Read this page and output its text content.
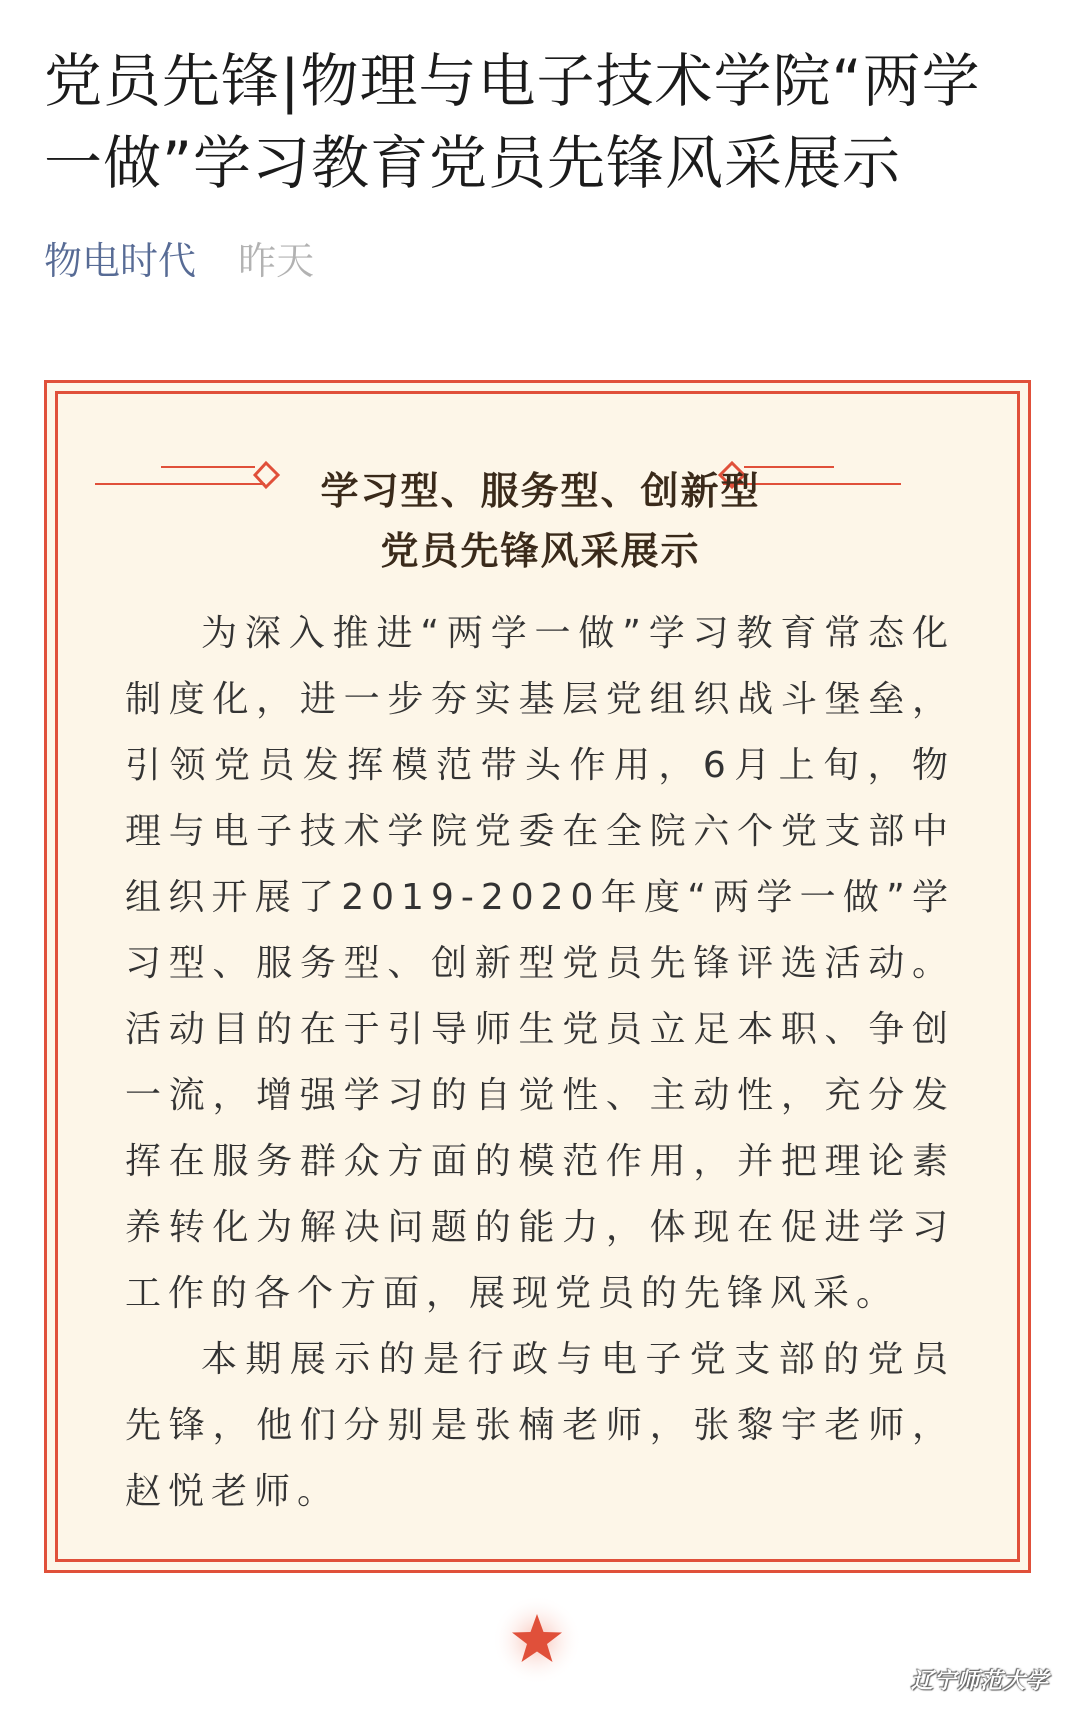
党员先锋|物理与电子技术学院“两学一做”学习教育党员先锋风采展示
物电时代 昨天
学习型、服务型、创新型
党员先锋风采展示

为深入推进“两学一做”学习教育常态化制度化，进一步夯实基层党组织战斗堡垒，引领党员发挥模范带头作用，6月上旬，物理与电子技术学院党委在全院六个党支部中组织开展了2019-2020年度“两学一做”学习型、服务型、创新型党员先锋评选活动。活动目的在于引导师生党员立足本职、争创一流，增强学习的自觉性、主动性，充分发挥在服务群众方面的模范作用，并把理论素养转化为解决问题的能力，体现在促进学习工作的各个方面，展现党员的先锋风采。

本期展示的是行政与电子党支部的党员先锋，他们分别是张楠老师，张黎宇老师，赵悦老师。

辽宁师范大学
